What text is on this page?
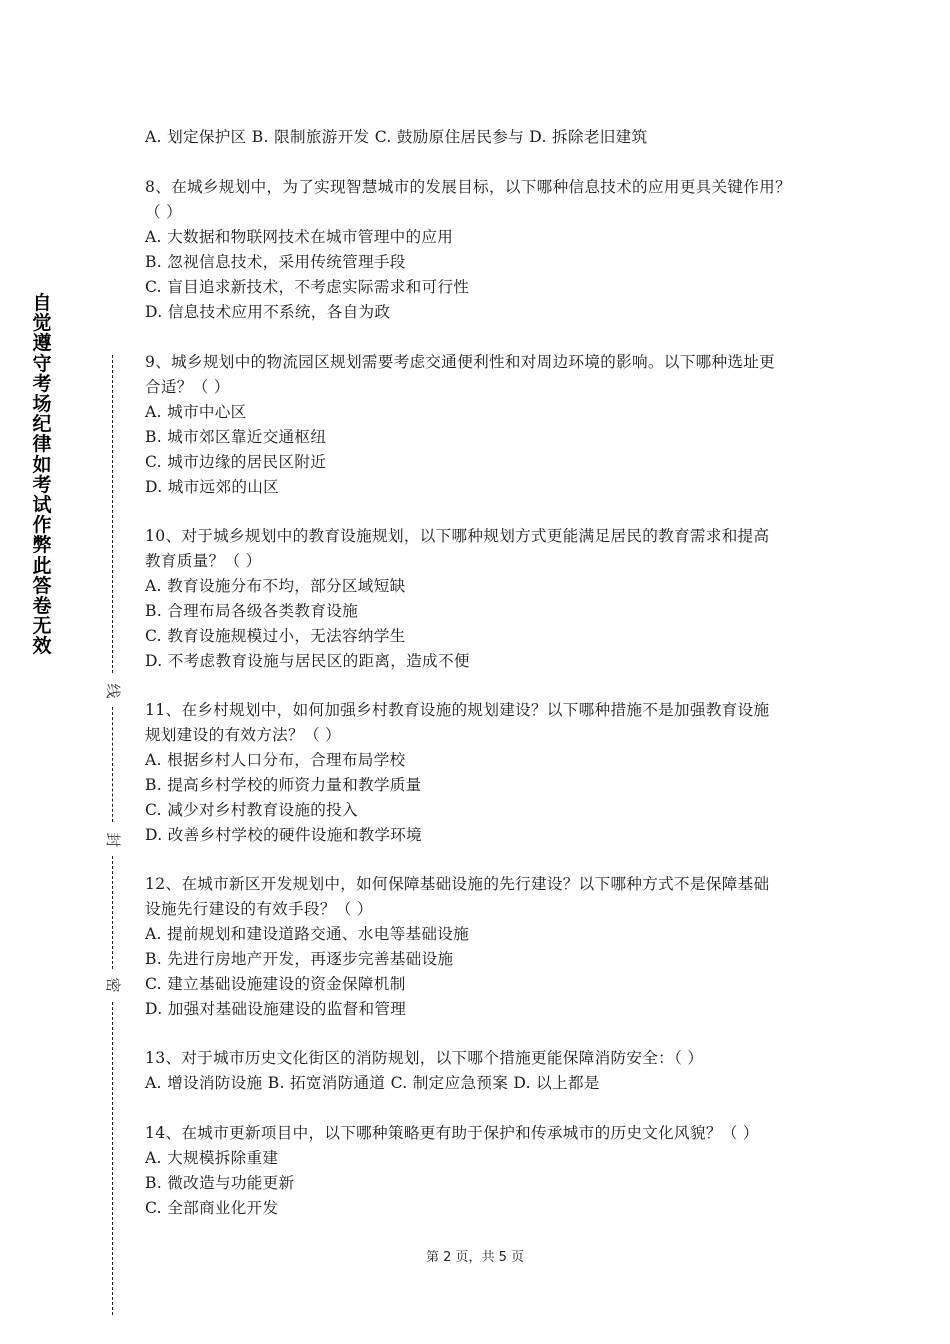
自觉遵守考场纪律如考试作弊此答卷无效
线
封
密
A. 划定保护区 B. 限制旅游开发 C. 鼓励原住居民参与 D. 拆除老旧建筑
8、在城乡规划中，为了实现智慧城市的发展目标，以下哪种信息技术的应用更具关键作用？
（ ）
A. 大数据和物联网技术在城市管理中的应用
B. 忽视信息技术，采用传统管理手段
C. 盲目追求新技术，不考虑实际需求和可行性
D. 信息技术应用不系统，各自为政
9、城乡规划中的物流园区规划需要考虑交通便利性和对周边环境的影响。以下哪种选址更
合适？（ ）
A. 城市中心区
B. 城市郊区靠近交通枢纽
C. 城市边缘的居民区附近
D. 城市远郊的山区
10、对于城乡规划中的教育设施规划，以下哪种规划方式更能满足居民的教育需求和提高
教育质量？（ ）
A. 教育设施分布不均，部分区域短缺
B. 合理布局各级各类教育设施
C. 教育设施规模过小，无法容纳学生
D. 不考虑教育设施与居民区的距离，造成不便
11、在乡村规划中，如何加强乡村教育设施的规划建设？以下哪种措施不是加强教育设施
规划建设的有效方法？（ ）
A. 根据乡村人口分布，合理布局学校
B. 提高乡村学校的师资力量和教学质量
C. 减少对乡村教育设施的投入
D. 改善乡村学校的硬件设施和教学环境
12、在城市新区开发规划中，如何保障基础设施的先行建设？以下哪种方式不是保障基础
设施先行建设的有效手段？（ ）
A. 提前规划和建设道路交通、水电等基础设施
B. 先进行房地产开发，再逐步完善基础设施
C. 建立基础设施建设的资金保障机制
D. 加强对基础设施建设的监督和管理
13、对于城市历史文化街区的消防规划，以下哪个措施更能保障消防安全：（ ）
A. 增设消防设施 B. 拓宽消防通道 C. 制定应急预案 D. 以上都是
14、在城市更新项目中，以下哪种策略更有助于保护和传承城市的历史文化风貌？（ ）
A. 大规模拆除重建
B. 微改造与功能更新
C. 全部商业化开发
第 2 页，共 5 页
